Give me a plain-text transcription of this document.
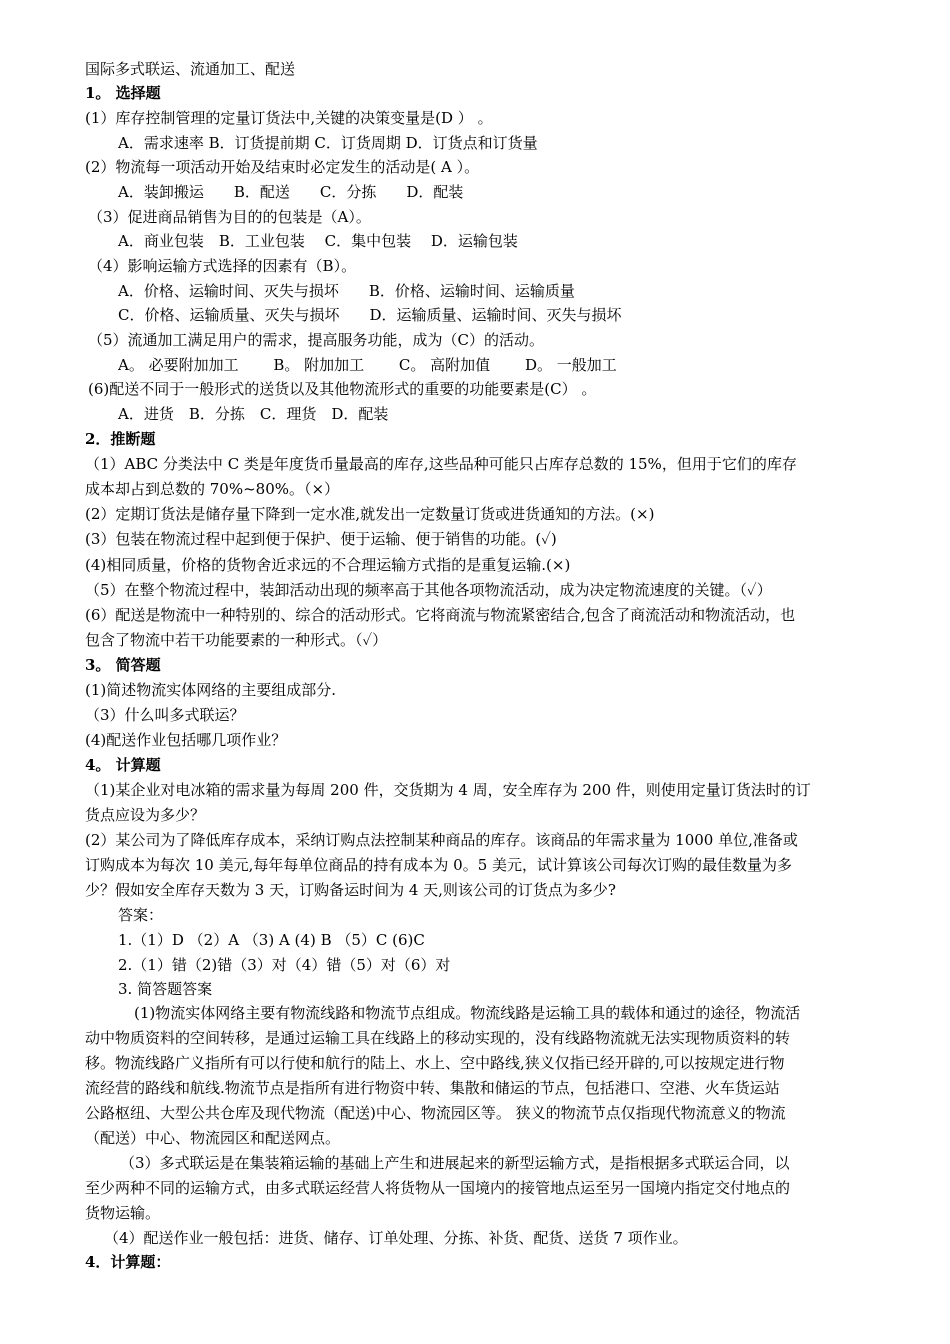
国际多式联运、流通加工、配送
1。 选择题
(1）库存控制管理的定量订货法中,关键的决策变量是(D ） 。
A．需求速率 B．订货提前期 C．订货周期 D．订货点和订货量
(2）物流每一项活动开始及结束时必定发生的活动是( A ）。
A．装卸搬运　　B．配送　　C．分拣　　D．配装
（3）促进商品销售为目的的包装是（A）。
A．商业包装　B．工业包装　 C．集中包装　 D．运输包装
（4）影响运输方式选择的因素有（B）。
A．价格、运输时间、灭失与损坏　　B．价格、运输时间、运输质量
C．价格、运输质量、灭失与损坏　　D．运输质量、运输时间、灭失与损坏
（5）流通加工满足用户的需求，提高服务功能，成为（C）的活动。
A。 必要附加加工　　 B。 附加加工　　 C。 高附加值　　 D。 一般加工
(6)配送不同于一般形式的送货以及其他物流形式的重要的功能要素是(C） 。
A．进货　B．分拣　C．理货　D．配装
2．推断题
（1）ABC 分类法中 C 类是年度货币量最高的库存,这些品种可能只占库存总数的 15%，但用于它们的库存
成本却占到总数的 70%~80%。（×）
(2）定期订货法是储存量下降到一定水准,就发出一定数量订货或进货通知的方法。(×)
(3）包装在物流过程中起到便于保护、便于运输、便于销售的功能。(✓)
(4)相同质量，价格的货物舍近求远的不合理运输方式指的是重复运输.(×)
（5）在整个物流过程中，装卸活动出现的频率高于其他各项物流活动，成为决定物流速度的关键。（✓）
(6）配送是物流中一种特别的、综合的活动形式。它将商流与物流紧密结合,包含了商流活动和物流活动，也
包含了物流中若干功能要素的一种形式。（✓）
3。 简答题
(1)简述物流实体网络的主要组成部分.
（3）什么叫多式联运？
(4)配送作业包括哪几项作业？
4。 计算题
（1)某企业对电冰箱的需求量为每周 200 件，交货期为 4 周，安全库存为 200 件，则使用定量订货法时的订
货点应设为多少？
(2）某公司为了降低库存成本，采纳订购点法控制某种商品的库存。该商品的年需求量为 1000 单位,准备或
订购成本为每次 10 美元,每年每单位商品的持有成本为 0。5 美元，试计算该公司每次订购的最佳数量为多
少？假如安全库存天数为 3 天，订购备运时间为 4 天,则该公司的订货点为多少?
答案：
1.（1）D （2）A （3) A (4) B （5）C (6)C
2.（1）错（2)错（3）对（4）错（5）对（6）对
3. 简答题答案
(1)物流实体网络主要有物流线路和物流节点组成。物流线路是运输工具的载体和通过的途径，物流活
动中物质资料的空间转移，是通过运输工具在线路上的移动实现的，没有线路物流就无法实现物质资料的转
移。物流线路广义指所有可以行使和航行的陆上、水上、空中路线,狭义仅指已经开辟的,可以按规定进行物
流经营的路线和航线.物流节点是指所有进行物资中转、集散和储运的节点，包括港口、空港、火车货运站
公路枢纽、大型公共仓库及现代物流（配送)中心、物流园区等。 狭义的物流节点仅指现代物流意义的物流
（配送）中心、物流园区和配送网点。
（3）多式联运是在集装箱运输的基础上产生和进展起来的新型运输方式，是指根据多式联运合同，以
至少两种不同的运输方式，由多式联运经营人将货物从一国境内的接管地点运至另一国境内指定交付地点的
货物运输。
（4）配送作业一般包括：进货、储存、订单处理、分拣、补货、配货、送货 7 项作业。
4．计算题：
